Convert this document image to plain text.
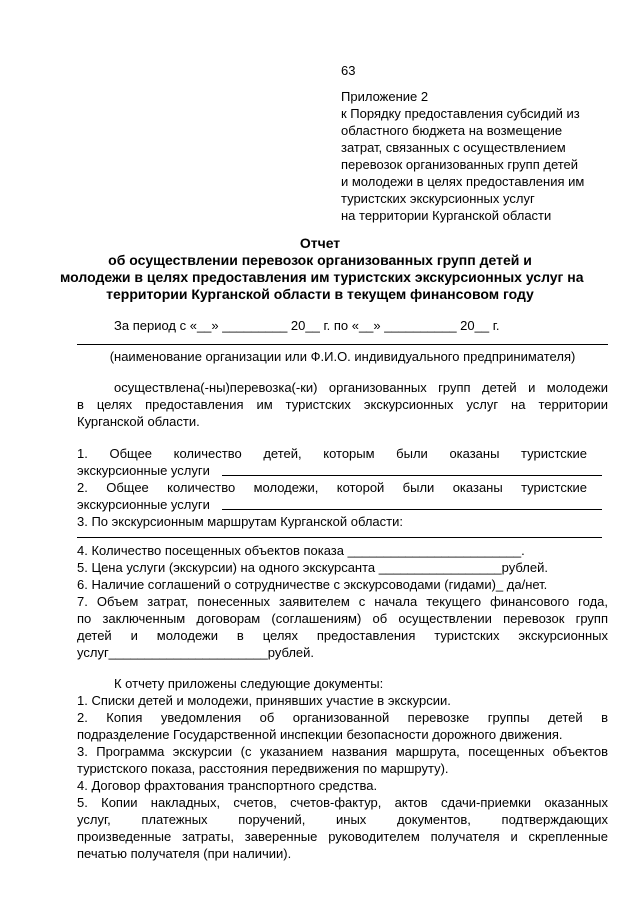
63
Приложение 2
к Порядку предоставления субсидий из
областного бюджета на возмещение
затрат, связанных с осуществлением
перевозок организованных групп детей
и молодежи в целях предоставления им
туристских экскурсионных услуг
на территории Курганской области
Отчет
об осуществлении перевозок организованных групп детей и
молодежи в целях предоставления им туристских экскурсионных услуг на
территории Курганской области в текущем финансовом году
За период с «__» _________ 20__ г. по «__» __________ 20__ г.
(наименование организации или Ф.И.О. индивидуального предпринимателя)
осуществлена(-ны)перевозка(-ки) организованных групп детей и молодежи
в целях предоставления им туристских экскурсионных услуг на территории
Курганской области.
1. Общее количество детей, которым были оказаны туристские
экскурсионные услуги
2. Общее количество молодежи, которой были оказаны туристские
экскурсионные услуги
3. По экскурсионным маршрутам Курганской области:
4. Количество посещенных объектов показа ________________________.
5. Цена услуги (экскурсии) на одного экскурсанта _________________рублей.
6. Наличие соглашений о сотрудничестве с экскурсоводами (гидами)_ да/нет.
7. Объем затрат, понесенных заявителем с начала текущего финансового года,
по заключенным договорам (соглашениям) об осуществлении перевозок групп
детей и молодежи в целях предоставления туристских экскурсионных
услуг______________________рублей.
К отчету приложены следующие документы:
1. Списки детей и молодежи, принявших участие в экскурсии.
2. Копия уведомления об организованной перевозке группы детей в
подразделение Государственной инспекции безопасности дорожного движения.
3. Программа экскурсии (с указанием названия маршрута, посещенных объектов
туристского показа, расстояния передвижения по маршруту).
4. Договор фрахтования транспортного средства.
5. Копии накладных, счетов, счетов-фактур, актов сдачи-приемки оказанных
услуг, платежных поручений, иных документов, подтверждающих
произведенные затраты, заверенные руководителем получателя и скрепленные
печатью получателя (при наличии).
